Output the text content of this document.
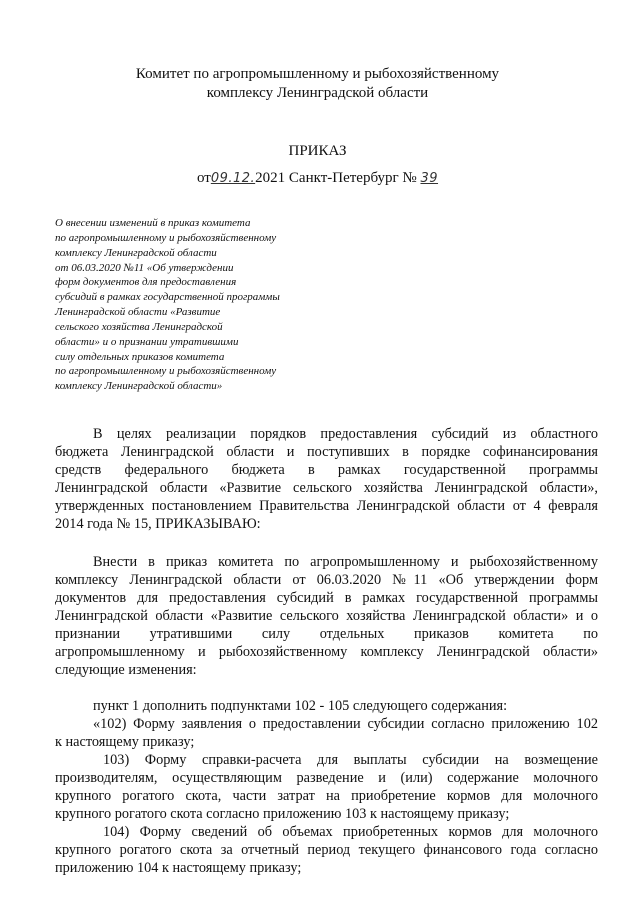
Комитет по агропромышленному и рыбохозяйственному
комплексу Ленинградской области
ПРИКАЗ
от09.12.2021 Санкт-Петербург № 39
О внесении изменений в приказ комитета
по агропромышленному и рыбохозяйственному
комплексу Ленинградской области
от 06.03.2020 №11 «Об утверждении
форм документов для предоставления
субсидий в рамках государственной программы
Ленинградской области «Развитие
сельского хозяйства Ленинградской
области» и о признании утратившими
силу отдельных приказов комитета
по агропромышленному и рыбохозяйственному
комплексу Ленинградской области»
В целях реализации порядков предоставления субсидий из областного
бюджета Ленинградской области и поступивших в порядке софинансирования
средств федерального бюджета в рамках государственной программы
Ленинградской области «Развитие сельского хозяйства Ленинградской области»,
утвержденных постановлением Правительства Ленинградской области от 4 февраля
2014 года № 15, ПРИКАЗЫВАЮ:
Внести в приказ комитета по агропромышленному и рыбохозяйственному
комплексу Ленинградской области от 06.03.2020 №11 «Об утверждении форм
документов для предоставления субсидий в рамках государственной программы
Ленинградской области «Развитие сельского хозяйства Ленинградской области» и о
признании утратившими силу отдельных приказов комитета по
агропромышленному и рыбохозяйственному комплексу Ленинградской области»
следующие изменения:
пункт 1 дополнить подпунктами 102 - 105 следующего содержания:
«102) Форму заявления о предоставлении субсидии согласно приложению 102
к настоящему приказу;
103) Форму справки-расчета для выплаты субсидии на возмещение
производителям, осуществляющим разведение и (или) содержание молочного
крупного рогатого скота, части затрат на приобретение кормов для молочного
крупного рогатого скота согласно приложению 103 к настоящему приказу;
104) Форму сведений об объемах приобретенных кормов для молочного
крупного рогатого скота за отчетный период текущего финансового года согласно
приложению 104 к настоящему приказу;
